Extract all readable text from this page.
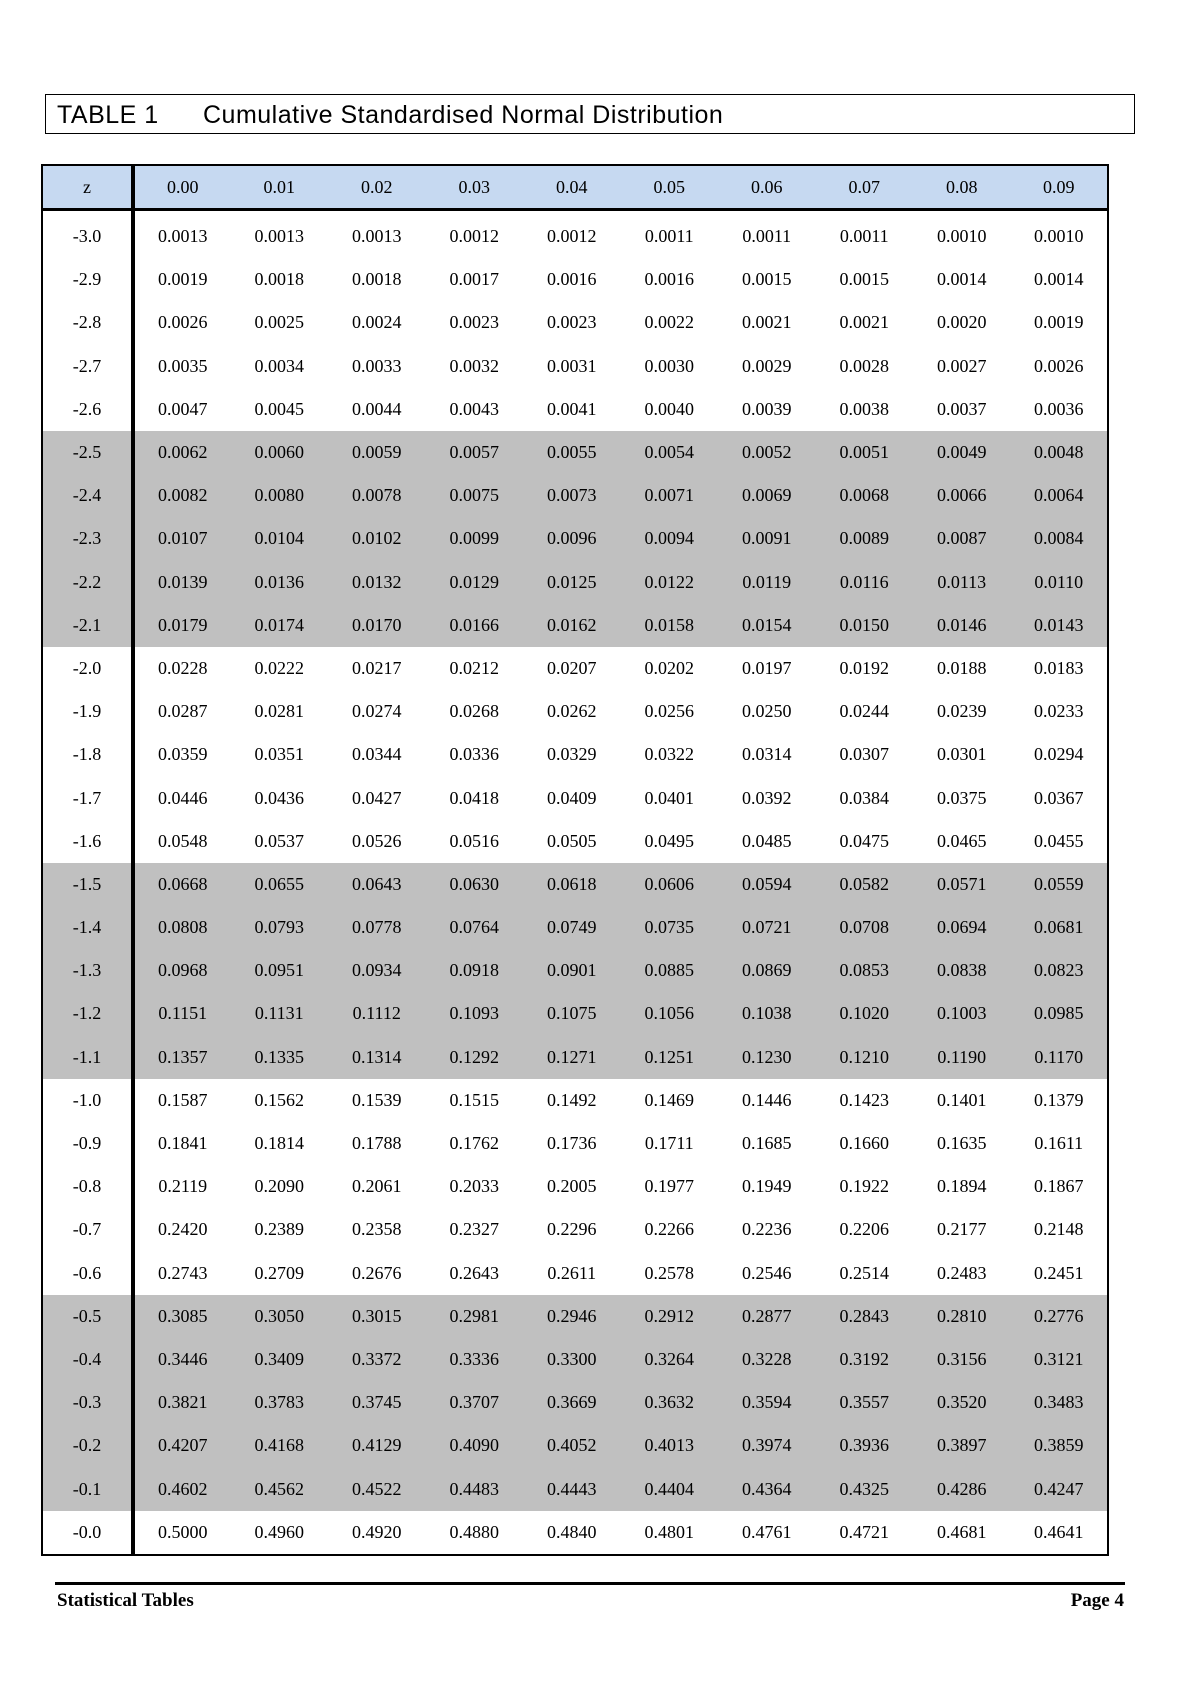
TABLE 1 Cumulative Standardised Normal Distribution
z	0.00	0.01	0.02	0.03	0.04	0.05	0.06	0.07	0.08	0.09
-3.0	0.0013	0.0013	0.0013	0.0012	0.0012	0.0011	0.0011	0.0011	0.0010	0.0010
-2.9	0.0019	0.0018	0.0018	0.0017	0.0016	0.0016	0.0015	0.0015	0.0014	0.0014
-2.8	0.0026	0.0025	0.0024	0.0023	0.0023	0.0022	0.0021	0.0021	0.0020	0.0019
-2.7	0.0035	0.0034	0.0033	0.0032	0.0031	0.0030	0.0029	0.0028	0.0027	0.0026
-2.6	0.0047	0.0045	0.0044	0.0043	0.0041	0.0040	0.0039	0.0038	0.0037	0.0036
-2.5	0.0062	0.0060	0.0059	0.0057	0.0055	0.0054	0.0052	0.0051	0.0049	0.0048
-2.4	0.0082	0.0080	0.0078	0.0075	0.0073	0.0071	0.0069	0.0068	0.0066	0.0064
-2.3	0.0107	0.0104	0.0102	0.0099	0.0096	0.0094	0.0091	0.0089	0.0087	0.0084
-2.2	0.0139	0.0136	0.0132	0.0129	0.0125	0.0122	0.0119	0.0116	0.0113	0.0110
-2.1	0.0179	0.0174	0.0170	0.0166	0.0162	0.0158	0.0154	0.0150	0.0146	0.0143
-2.0	0.0228	0.0222	0.0217	0.0212	0.0207	0.0202	0.0197	0.0192	0.0188	0.0183
-1.9	0.0287	0.0281	0.0274	0.0268	0.0262	0.0256	0.0250	0.0244	0.0239	0.0233
-1.8	0.0359	0.0351	0.0344	0.0336	0.0329	0.0322	0.0314	0.0307	0.0301	0.0294
-1.7	0.0446	0.0436	0.0427	0.0418	0.0409	0.0401	0.0392	0.0384	0.0375	0.0367
-1.6	0.0548	0.0537	0.0526	0.0516	0.0505	0.0495	0.0485	0.0475	0.0465	0.0455
-1.5	0.0668	0.0655	0.0643	0.0630	0.0618	0.0606	0.0594	0.0582	0.0571	0.0559
-1.4	0.0808	0.0793	0.0778	0.0764	0.0749	0.0735	0.0721	0.0708	0.0694	0.0681
-1.3	0.0968	0.0951	0.0934	0.0918	0.0901	0.0885	0.0869	0.0853	0.0838	0.0823
-1.2	0.1151	0.1131	0.1112	0.1093	0.1075	0.1056	0.1038	0.1020	0.1003	0.0985
-1.1	0.1357	0.1335	0.1314	0.1292	0.1271	0.1251	0.1230	0.1210	0.1190	0.1170
-1.0	0.1587	0.1562	0.1539	0.1515	0.1492	0.1469	0.1446	0.1423	0.1401	0.1379
-0.9	0.1841	0.1814	0.1788	0.1762	0.1736	0.1711	0.1685	0.1660	0.1635	0.1611
-0.8	0.2119	0.2090	0.2061	0.2033	0.2005	0.1977	0.1949	0.1922	0.1894	0.1867
-0.7	0.2420	0.2389	0.2358	0.2327	0.2296	0.2266	0.2236	0.2206	0.2177	0.2148
-0.6	0.2743	0.2709	0.2676	0.2643	0.2611	0.2578	0.2546	0.2514	0.2483	0.2451
-0.5	0.3085	0.3050	0.3015	0.2981	0.2946	0.2912	0.2877	0.2843	0.2810	0.2776
-0.4	0.3446	0.3409	0.3372	0.3336	0.3300	0.3264	0.3228	0.3192	0.3156	0.3121
-0.3	0.3821	0.3783	0.3745	0.3707	0.3669	0.3632	0.3594	0.3557	0.3520	0.3483
-0.2	0.4207	0.4168	0.4129	0.4090	0.4052	0.4013	0.3974	0.3936	0.3897	0.3859
-0.1	0.4602	0.4562	0.4522	0.4483	0.4443	0.4404	0.4364	0.4325	0.4286	0.4247
-0.0	0.5000	0.4960	0.4920	0.4880	0.4840	0.4801	0.4761	0.4721	0.4681	0.4641
Statistical Tables	Page 4
